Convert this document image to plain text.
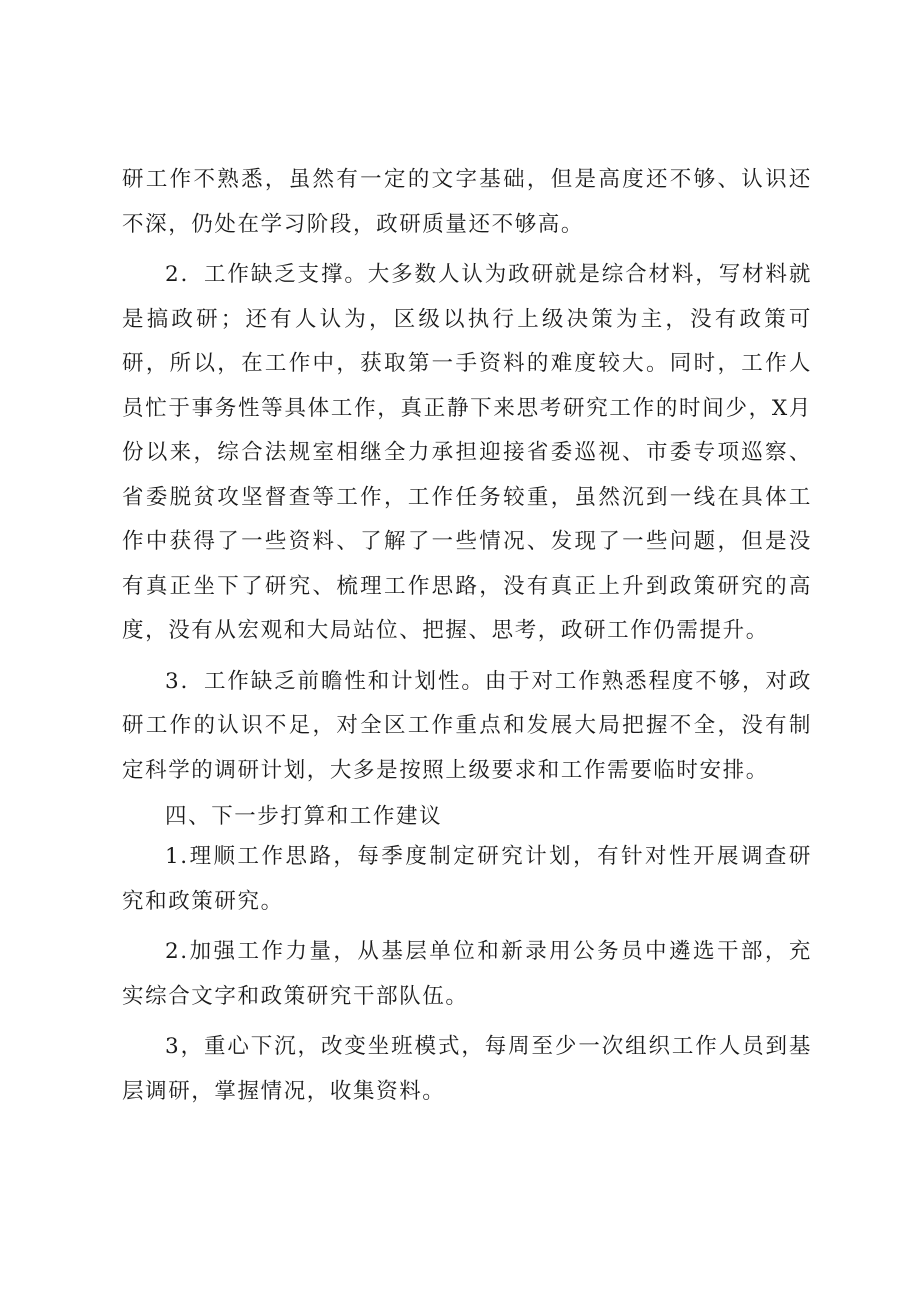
研工作不熟悉，虽然有一定的文字基础，但是高度还不够、认识还不深，仍处在学习阶段，政研质量还不够高。

2．工作缺乏支撑。大多数人认为政研就是综合材料，写材料就是搞政研；还有人认为，区级以执行上级决策为主，没有政策可研，所以，在工作中，获取第一手资料的难度较大。同时，工作人员忙于事务性等具体工作，真正静下来思考研究工作的时间少，X月份以来，综合法规室相继全力承担迎接省委巡视、市委专项巡察、省委脱贫攻坚督查等工作，工作任务较重，虽然沉到一线在具体工作中获得了一些资料、了解了一些情况、发现了一些问题，但是没有真正坐下了研究、梳理工作思路，没有真正上升到政策研究的高度，没有从宏观和大局站位、把握、思考，政研工作仍需提升。

3．工作缺乏前瞻性和计划性。由于对工作熟悉程度不够，对政研工作的认识不足，对全区工作重点和发展大局把握不全，没有制定科学的调研计划，大多是按照上级要求和工作需要临时安排。

四、下一步打算和工作建议

1.理顺工作思路，每季度制定研究计划，有针对性开展调查研究和政策研究。

2.加强工作力量，从基层单位和新录用公务员中遴选干部，充实综合文字和政策研究干部队伍。

3，重心下沉，改变坐班模式，每周至少一次组织工作人员到基层调研，掌握情况，收集资料。
